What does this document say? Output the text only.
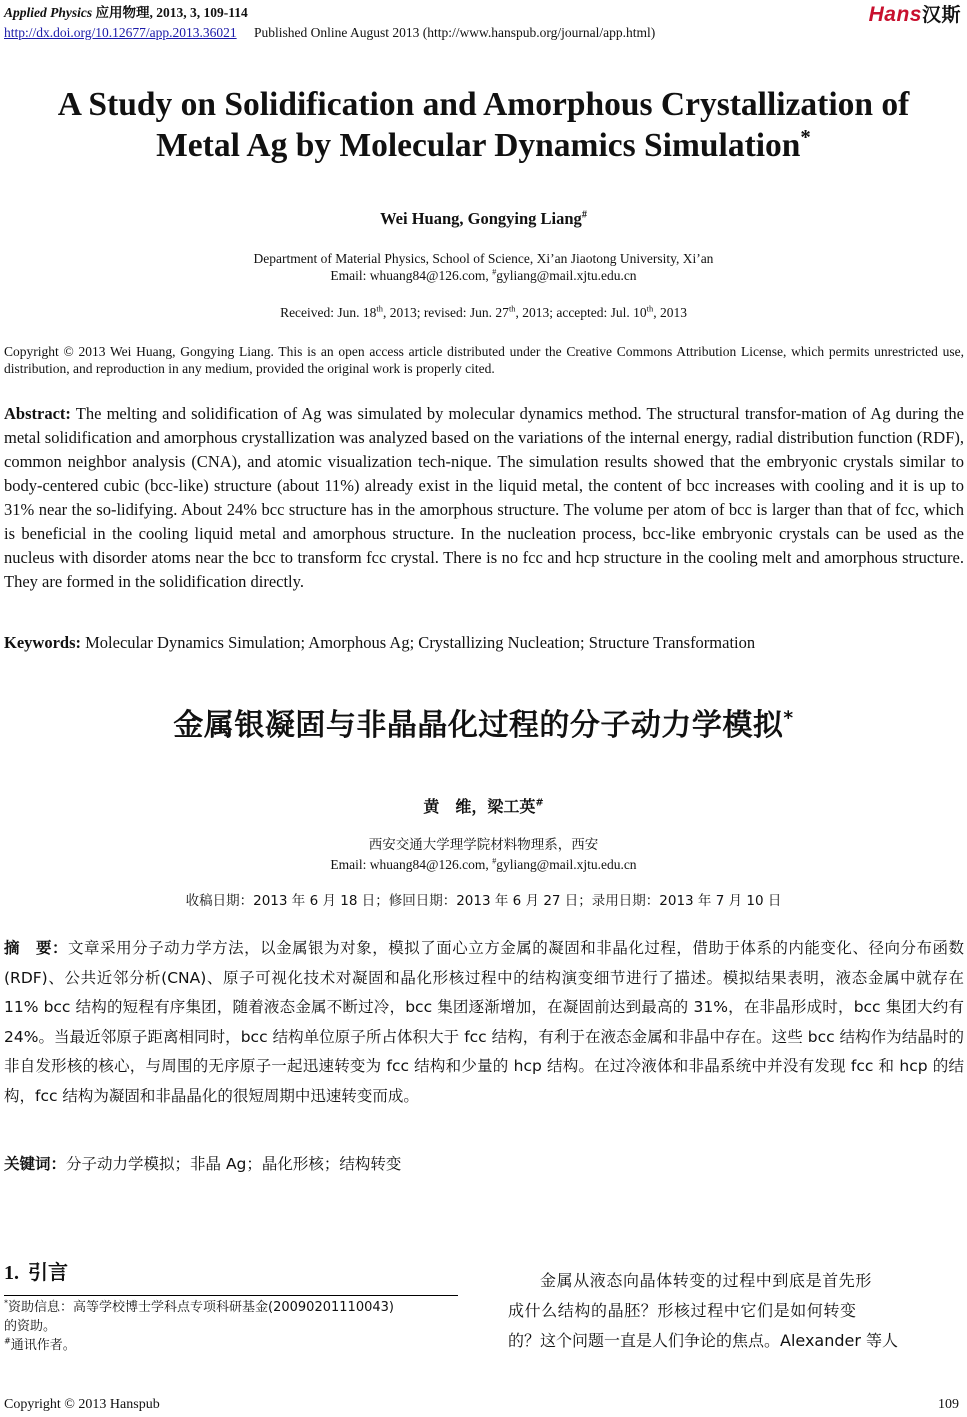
Applied Physics 应用物理, 2013, 3, 109-114	Hans汉斯
http://dx.doi.org/10.12677/app.2013.36021 Published Online August 2013 (http://www.hanspub.org/journal/app.html)
A Study on Solidification and Amorphous Crystallization of
Metal Ag by Molecular Dynamics Simulation*
Wei Huang, Gongying Liang#
Department of Material Physics, School of Science, Xi’an Jiaotong University, Xi’an
Email: whuang84@126.com, #gyliang@mail.xjtu.edu.cn
Received: Jun. 18th, 2013; revised: Jun. 27th, 2013; accepted: Jul. 10th, 2013
Copyright © 2013 Wei Huang, Gongying Liang. This is an open access article distributed under the Creative Commons Attribution License, which permits unrestricted use, distribution, and reproduction in any medium, provided the original work is properly cited.
Abstract: The melting and solidification of Ag was simulated by molecular dynamics method. The structural transfor-mation of Ag during the metal solidification and amorphous crystallization was analyzed based on the variations of the internal energy, radial distribution function (RDF), common neighbor analysis (CNA), and atomic visualization tech-nique. The simulation results showed that the embryonic crystals similar to body-centered cubic (bcc-like) structure (about 11%) already exist in the liquid metal, the content of bcc increases with cooling and it is up to 31% near the so-lidifying. About 24% bcc structure has in the amorphous structure. The volume per atom of bcc is larger than that of fcc, which is beneficial in the cooling liquid metal and amorphous structure. In the nucleation process, bcc-like embryonic crystals can be used as the nucleus with disorder atoms near the bcc to transform fcc crystal. There is no fcc and hcp structure in the cooling melt and amorphous structure. They are formed in the solidification directly.
Keywords: Molecular Dynamics Simulation; Amorphous Ag; Crystallizing Nucleation; Structure Transformation
金属银凝固与非晶晶化过程的分子动力学模拟*
黄　维，梁工英#
西安交通大学理学院材料物理系，西安
Email: whuang84@126.com, #gyliang@mail.xjtu.edu.cn
收稿日期：2013 年 6 月 18 日；修回日期：2013 年 6 月 27 日；录用日期：2013 年 7 月 10 日
摘　要：文章采用分子动力学方法，以金属银为对象，模拟了面心立方金属的凝固和非晶化过程，借助于体系的内能变化、径向分布函数(RDF)、公共近邻分析(CNA)、原子可视化技术对凝固和晶化形核过程中的结构演变细节进行了描述。模拟结果表明，液态金属中就存在 11% bcc 结构的短程有序集团，随着液态金属不断过冷，bcc 集团逐渐增加，在凝固前达到最高的 31%，在非晶形成时，bcc 集团大约有 24%。当最近邻原子距离相同时，bcc 结构单位原子所占体积大于 fcc 结构，有利于在液态金属和非晶中存在。这些 bcc 结构作为结晶时的非自发形核的核心，与周围的无序原子一起迅速转变为 fcc 结构和少量的 hcp 结构。在过冷液体和非晶系统中并没有发现 fcc 和 hcp 的结构，fcc 结构为凝固和非晶晶化的很短周期中迅速转变而成。
关键词：分子动力学模拟；非晶 Ag；晶化形核；结构转变
1. 引言
*资助信息：高等学校博士学科点专项科研基金(20090201110043)
的资助。
#通讯作者。
金属从液态向晶体转变的过程中到底是首先形
成什么结构的晶胚？形核过程中它们是如何转变
的？这个问题一直是人们争论的焦点。Alexander 等人
Copyright © 2013 Hanspub	109
